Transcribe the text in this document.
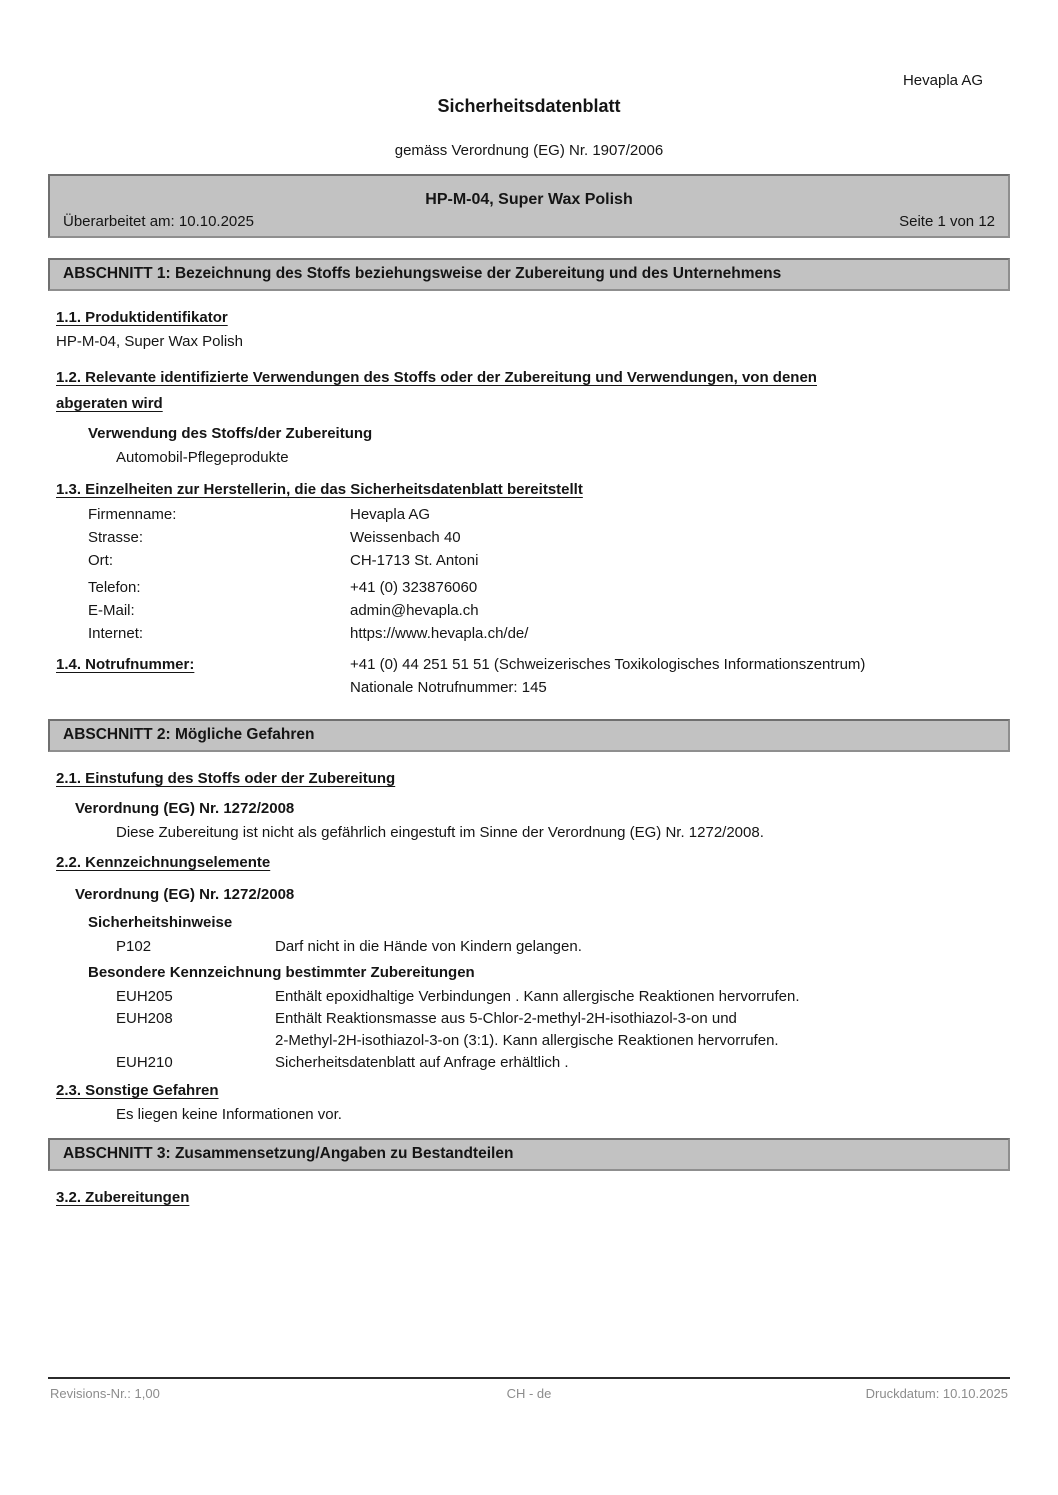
Hevapla AG
Sicherheitsdatenblatt
gemäss Verordnung (EG) Nr. 1907/2006
HP-M-04, Super Wax Polish
Überarbeitet am: 10.10.2025	Seite 1 von 12
ABSCHNITT 1: Bezeichnung des Stoffs beziehungsweise der Zubereitung und des Unternehmens
1.1. Produktidentifikator
HP-M-04, Super Wax Polish
1.2. Relevante identifizierte Verwendungen des Stoffs oder der Zubereitung und Verwendungen, von denen
abgeraten wird
Verwendung des Stoffs/der Zubereitung
Automobil-Pflegeprodukte
1.3. Einzelheiten zur Herstellerin, die das Sicherheitsdatenblatt bereitstellt
Firmenname:	Hevapla AG
Strasse:	Weissenbach 40
Ort:	CH-1713 St. Antoni
Telefon:	+41 (0) 323876060
E-Mail:	admin@hevapla.ch
Internet:	https://www.hevapla.ch/de/
1.4. Notrufnummer:	+41 (0) 44 251 51 51 (Schweizerisches Toxikologisches Informationszentrum)
Nationale Notrufnummer: 145
ABSCHNITT 2: Mögliche Gefahren
2.1. Einstufung des Stoffs oder der Zubereitung
Verordnung (EG) Nr. 1272/2008
Diese Zubereitung ist nicht als gefährlich eingestuft im Sinne der Verordnung (EG) Nr. 1272/2008.
2.2. Kennzeichnungselemente
Verordnung (EG) Nr. 1272/2008
Sicherheitshinweise
P102	Darf nicht in die Hände von Kindern gelangen.
Besondere Kennzeichnung bestimmter Zubereitungen
EUH205	Enthält epoxidhaltige Verbindungen . Kann allergische Reaktionen hervorrufen.
EUH208	Enthält Reaktionsmasse aus 5-Chlor-2-methyl-2H-isothiazol-3-on und
2-Methyl-2H-isothiazol-3-on (3:1). Kann allergische Reaktionen hervorrufen.
EUH210	Sicherheitsdatenblatt auf Anfrage erhältlich .
2.3. Sonstige Gefahren
Es liegen keine Informationen vor.
ABSCHNITT 3: Zusammensetzung/Angaben zu Bestandteilen
3.2. Zubereitungen
Revisions-Nr.: 1,00	CH - de	Druckdatum: 10.10.2025
